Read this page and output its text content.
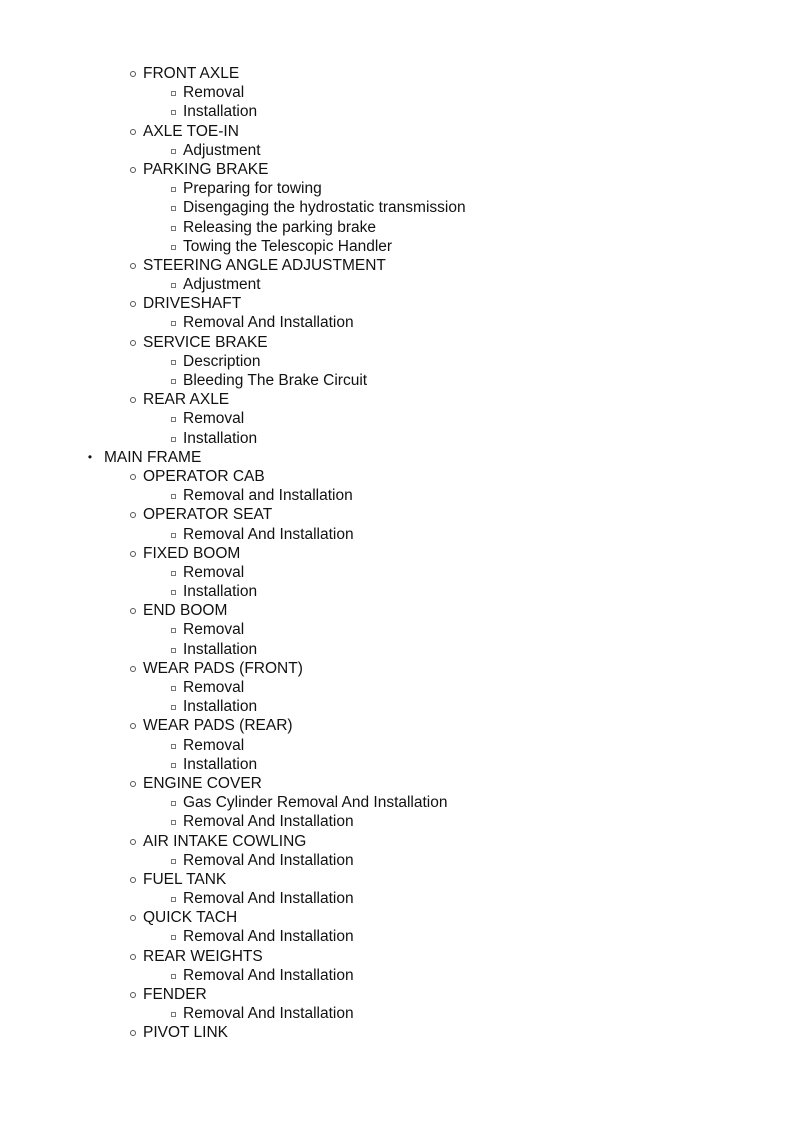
FRONT AXLE
Removal
Installation
AXLE TOE-IN
Adjustment
PARKING BRAKE
Preparing for towing
Disengaging the hydrostatic transmission
Releasing the parking brake
Towing the Telescopic Handler
STEERING ANGLE ADJUSTMENT
Adjustment
DRIVESHAFT
Removal And Installation
SERVICE BRAKE
Description
Bleeding The Brake Circuit
REAR AXLE
Removal
Installation
• MAIN FRAME
OPERATOR CAB
Removal and Installation
OPERATOR SEAT
Removal And Installation
FIXED BOOM
Removal
Installation
END BOOM
Removal
Installation
WEAR PADS (FRONT)
Removal
Installation
WEAR PADS (REAR)
Removal
Installation
ENGINE COVER
Gas Cylinder Removal And Installation
Removal And Installation
AIR INTAKE COWLING
Removal And Installation
FUEL TANK
Removal And Installation
QUICK TACH
Removal And Installation
REAR WEIGHTS
Removal And Installation
FENDER
Removal And Installation
PIVOT LINK
